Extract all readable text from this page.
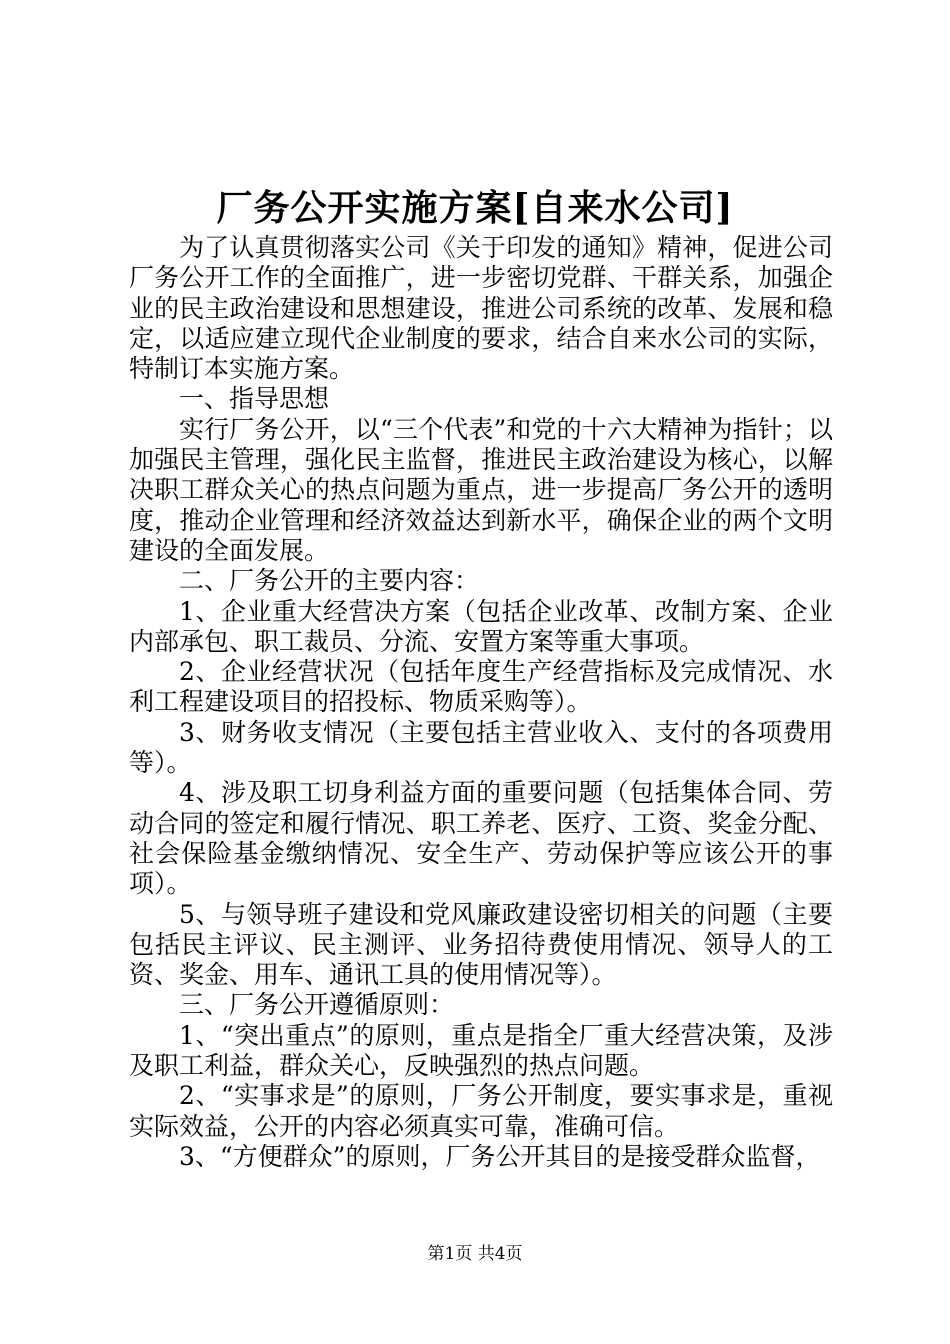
厂务公开实施方案[自来水公司]

为了认真贯彻落实公司《关于印发的通知》精神，促进公司厂务公开工作的全面推广，进一步密切党群、干群关系，加强企业的民主政治建设和思想建设，推进公司系统的改革、发展和稳定，以适应建立现代企业制度的要求，结合自来水公司的实际，特制订本实施方案。

一、指导思想

实行厂务公开，以“三个代表”和党的十六大精神为指针；以加强民主管理，强化民主监督，推进民主政治建设为核心，以解决职工群众关心的热点问题为重点，进一步提高厂务公开的透明度，推动企业管理和经济效益达到新水平，确保企业的两个文明建设的全面发展。

二、厂务公开的主要内容：

1、企业重大经营决方案（包括企业改革、改制方案、企业内部承包、职工裁员、分流、安置方案等重大事项。

2、企业经营状况（包括年度生产经营指标及完成情况、水利工程建设项目的招投标、物质采购等）。

3、财务收支情况（主要包括主营业收入、支付的各项费用等）。

4、涉及职工切身利益方面的重要问题（包括集体合同、劳动合同的签定和履行情况、职工养老、医疗、工资、奖金分配、社会保险基金缴纳情况、安全生产、劳动保护等应该公开的事项）。

5、与领导班子建设和党风廉政建设密切相关的问题（主要包括民主评议、民主测评、业务招待费使用情况、领导人的工资、奖金、用车、通讯工具的使用情况等）。

三、厂务公开遵循原则：

1、“突出重点”的原则，重点是指全厂重大经营决策，及涉及职工利益，群众关心，反映强烈的热点问题。

2、“实事求是”的原则，厂务公开制度，要实事求是，重视实际效益，公开的内容必须真实可靠，准确可信。

3、“方便群众”的原则，厂务公开其目的是接受群众监督，

第1页 共4页
